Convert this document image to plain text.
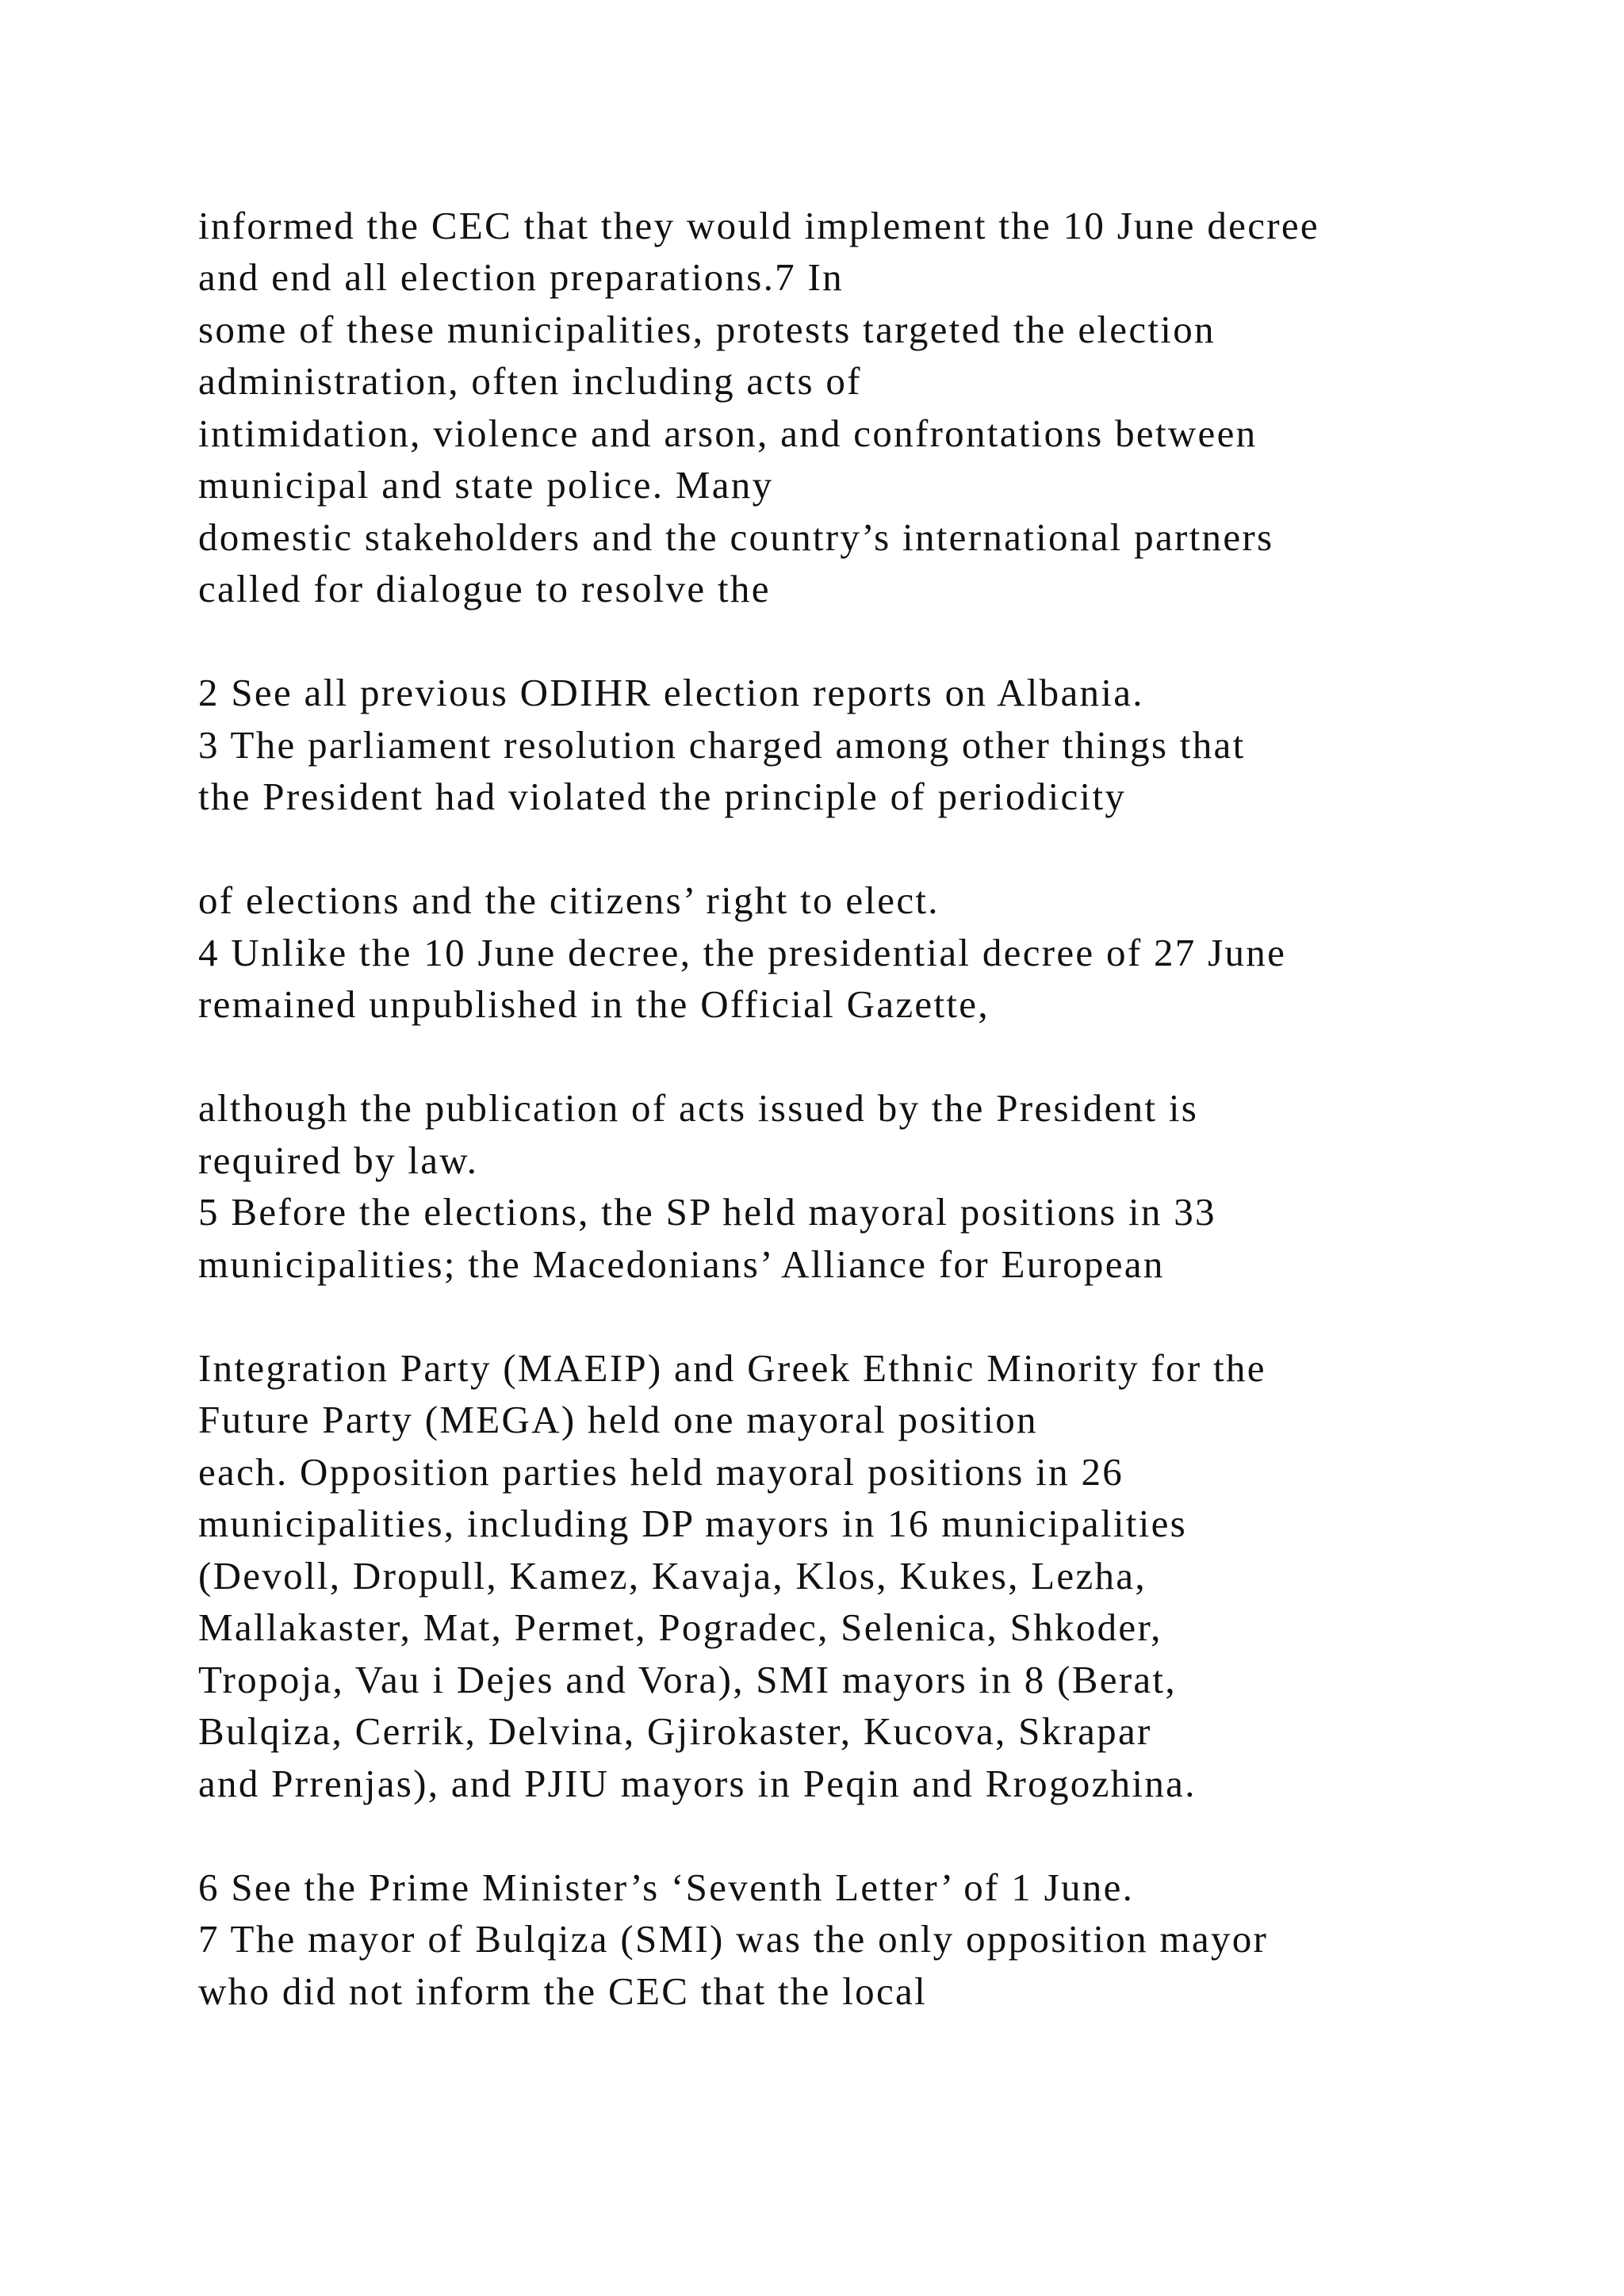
informed the CEC that they would implement the 10 June decree
and end all election preparations.7 In
some of these municipalities, protests targeted the election
administration, often including acts of
intimidation, violence and arson, and confrontations between
municipal and state police. Many
domestic stakeholders and the country’s international partners
called for dialogue to resolve the
2 See all previous ODIHR election reports on Albania.
3 The parliament resolution charged among other things that
the President had violated the principle of periodicity
of elections and the citizens’ right to elect.
4 Unlike the 10 June decree, the presidential decree of 27 June
remained unpublished in the Official Gazette,
although the publication of acts issued by the President is
required by law.
5 Before the elections, the SP held mayoral positions in 33
municipalities; the Macedonians’ Alliance for European
Integration Party (MAEIP) and Greek Ethnic Minority for the
Future Party (MEGA) held one mayoral position
each. Opposition parties held mayoral positions in 26
municipalities, including DP mayors in 16 municipalities
(Devoll, Dropull, Kamez, Kavaja, Klos, Kukes, Lezha,
Mallakaster, Mat, Permet, Pogradec, Selenica, Shkoder,
Tropoja, Vau i Dejes and Vora), SMI mayors in 8 (Berat,
Bulqiza, Cerrik, Delvina, Gjirokaster, Kucova, Skrapar
and Prrenjas), and PJIU mayors in Peqin and Rrogozhina.
6 See the Prime Minister’s ‘Seventh Letter’ of 1 June.
7 The mayor of Bulqiza (SMI) was the only opposition mayor
who did not inform the CEC that the local
